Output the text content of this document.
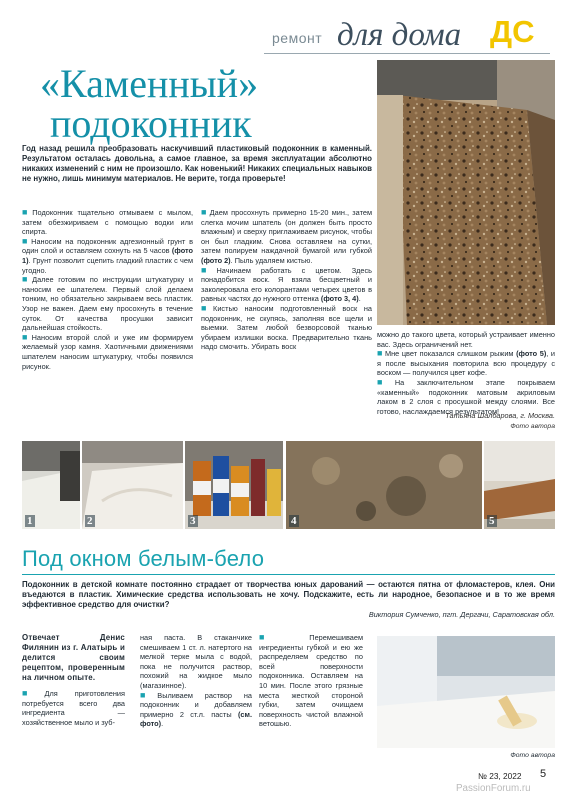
ремонт для дома ДС
«Каменный»
подоконник
Год назад решила преобразовать наскучивший пластиковый подоконник в каменный. Результатом осталась довольна, а самое главное, за время эксплуатации абсолютно никаких изменений с ним не произошло. Как новенький! Никаких специальных навыков не нужно, лишь минимум материалов. Не верите, тогда проверьте!

■ Подоконник тщательно отмываем с мылом, затем обезжириваем с помощью водки или спирта.

■ Наносим на подоконник адгезионный грунт в один слой и оставляем сохнуть на 5 часов (фото 1). Грунт позволит сцепить гладкий пластик с чем угодно.

■ Далее готовим по инструкции штукатурку и наносим ее шпателем. Первый слой делаем тонким, но обязательно закрываем весь пластик. Узор не важен. Даем ему просохнуть в течение суток. От качества просушки зависит дальнейшая стойкость.

■ Наносим второй слой и уже им формируем желаемый узор камня. Хаотичными движениями шпателем наносим штукатурку, чтобы появился рисунок.

■ Даем просохнуть примерно 15-20 мин., затем слегка мочим шпатель (он должен быть просто влажным) и сверху приглаживаем рисунок, чтобы он был гладким. Снова оставляем на сутки, затем полируем наждачной бумагой или губкой (фото 2). Пыль удаляем кистью.

■ Начинаем работать с цветом. Здесь понадобится воск. Я взяла бесцветный и заколеровала его колорантами четырех цветов в равных частях до нужного оттенка (фото 3, 4).

■ Кистью наносим подготовленный воск на подоконник, не скупясь, заполняя все щели и выемки. Затем любой безворсовой тканью убираем излишки воска. Предварительно ткань надо смочить. Убирать воск

можно до такого цвета, который устраивает именно вас. Здесь ограничений нет.

■ Мне цвет показался слишком рыжим (фото 5), и я после высыхания повторила всю процедуру с воском — получился цвет кофе.

■ На заключительном этапе покрываем «каменный» подоконник матовым акриловым лаком в 2 слоя с просушкой между слоями. Все готово, наслаждаемся результатом!

Татьяна Шалбарова, г. Москва.
Фото автора
1	2	3	4	5
Под окном белым-бело
Подоконник в детской комнате постоянно страдает от творчества юных дарований — остаются пятна от фломастеров, клея. Они въедаются в пластик. Химические средства использовать не хочу. Подскажите, есть ли народное, безопасное и в то же время эффективное средство для очистки?
Виктория Сумченко, пгт. Дергачи, Саратовская обл.
Отвечает Денис Филянин из г. Алатырь и делится своим рецептом, проверенным на личном опыте.

■ Для приготовления потребуется всего два ингредиента — хозяйственное мыло и зуб-

ная паста. В стаканчике смешиваем 1 ст. л. натертого на мелкой терке мыла с водой, пока не получится раствор, похожий на жидкое мыло (магазинное).

■ Выливаем раствор на подоконник и добавляем примерно 2 ст.л. пасты (см. фото).

■ Перемешиваем ингредиенты губкой и ею же распределяем средство по всей поверхности подоконника. Оставляем на 10 мин. После этого грязные места жесткой стороной губки, затем очищаем поверхность чистой влажной ветошью.

Фото автора
№ 23, 2022 5
PassionForum.ru
